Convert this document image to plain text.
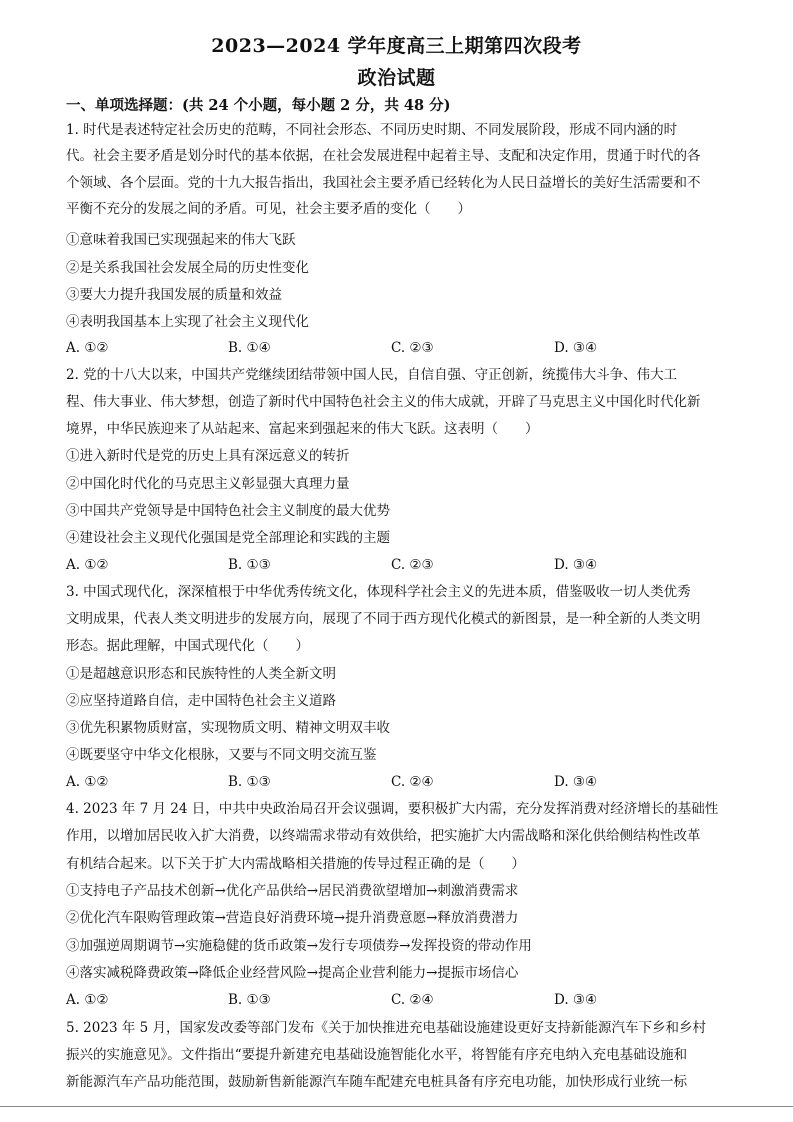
2023—2024 学年度高三上期第四次段考
政治试题
一、单项选择题：(共 24 个小题，每小题 2 分，共 48 分)
1. 时代是表述特定社会历史的范畴，不同社会形态、不同历史时期、不同发展阶段，形成不同内涵的时
代。社会主要矛盾是划分时代的基本依据，在社会发展进程中起着主导、支配和决定作用，贯通于时代的各
个领域、各个层面。党的十九大报告指出，我国社会主要矛盾已经转化为人民日益增长的美好生活需要和不
平衡不充分的发展之间的矛盾。可见，社会主要矛盾的变化（　　）
①意味着我国已实现强起来的伟大飞跃
②是关系我国社会发展全局的历史性变化
③要大力提升我国发展的质量和效益
④表明我国基本上实现了社会主义现代化
A. ①②	B. ①④	C. ②③	D. ③④
2. 党的十八大以来，中国共产党继续团结带领中国人民，自信自强、守正创新，统揽伟大斗争、伟大工
程、伟大事业、伟大梦想，创造了新时代中国特色社会主义的伟大成就，开辟了马克思主义中国化时代化新
境界，中华民族迎来了从站起来、富起来到强起来的伟大飞跃。这表明（　　）
①进入新时代是党的历史上具有深远意义的转折
②中国化时代化的马克思主义彰显强大真理力量
③中国共产党领导是中国特色社会主义制度的最大优势
④建设社会主义现代化强国是党全部理论和实践的主题
A. ①②	B. ①③	C. ②③	D. ③④
3. 中国式现代化，深深植根于中华优秀传统文化，体现科学社会主义的先进本质，借鉴吸收一切人类优秀
文明成果，代表人类文明进步的发展方向，展现了不同于西方现代化模式的新图景，是一种全新的人类文明
形态。据此理解，中国式现代化（　　）
①是超越意识形态和民族特性的人类全新文明
②应坚持道路自信，走中国特色社会主义道路
③优先积累物质财富，实现物质文明、精神文明双丰收
④既要坚守中华文化根脉，又要与不同文明交流互鉴
A. ①②	B. ①③	C. ②④	D. ③④
4. 2023 年 7 月 24 日，中共中央政治局召开会议强调，要积极扩大内需，充分发挥消费对经济增长的基础性
作用，以增加居民收入扩大消费，以终端需求带动有效供给，把实施扩大内需战略和深化供给侧结构性改革
有机结合起来。以下关于扩大内需战略相关措施的传导过程正确的是（　　）
①支持电子产品技术创新→优化产品供给→居民消费欲望增加→刺激消费需求
②优化汽车限购管理政策→营造良好消费环境→提升消费意愿→释放消费潜力
③加强逆周期调节→实施稳健的货币政策→发行专项债券→发挥投资的带动作用
④落实减税降费政策→降低企业经营风险→提高企业营利能力→提振市场信心
A. ①②	B. ①③	C. ②④	D. ③④
5. 2023 年 5 月，国家发改委等部门发布《关于加快推进充电基础设施建设更好支持新能源汽车下乡和乡村
振兴的实施意见》。文件指出“要提升新建充电基础设施智能化水平，将智能有序充电纳入充电基础设施和
新能源汽车产品功能范围，鼓励新售新能源汽车随车配建充电桩具备有序充电功能，加快形成行业统一标
